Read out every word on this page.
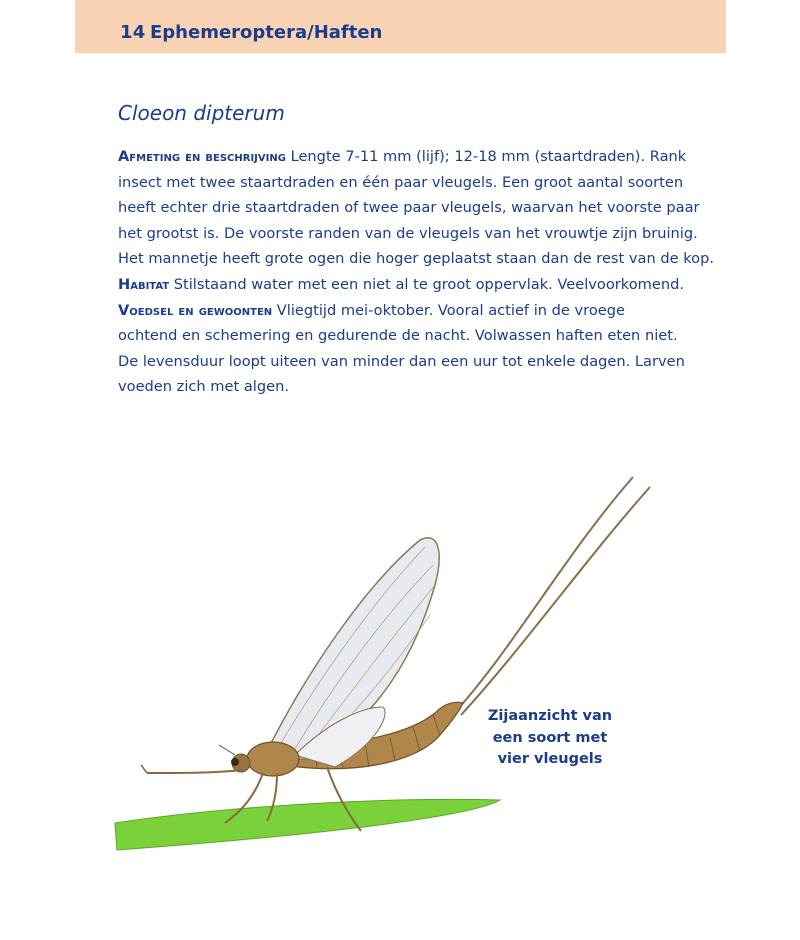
14 Ephemeroptera/Haften
Cloeon dipterum
Afmeting en beschrijving Lengte 7-11 mm (lijf); 12-18 mm (staartdraden). Rank
insect met twee staartdraden en één paar vleugels. Een groot aantal soorten
heeft echter drie staartdraden of twee paar vleugels, waarvan het voorste paar
het grootst is. De voorste randen van de vleugels van het vrouwtje zijn bruinig.
Het mannetje heeft grote ogen die hoger geplaatst staan dan de rest van de kop.
Habitat Stilstaand water met een niet al te groot oppervlak. Veelvoorkomend.
Voedsel en gewoonten Vliegtijd mei-oktober. Vooral actief in de vroege
ochtend en schemering en gedurende de nacht. Volwassen haften eten niet.
De levensduur loopt uiteen van minder dan een uur tot enkele dagen. Larven
voeden zich met algen.
Zijaanzicht van
een soort met
vier vleugels
